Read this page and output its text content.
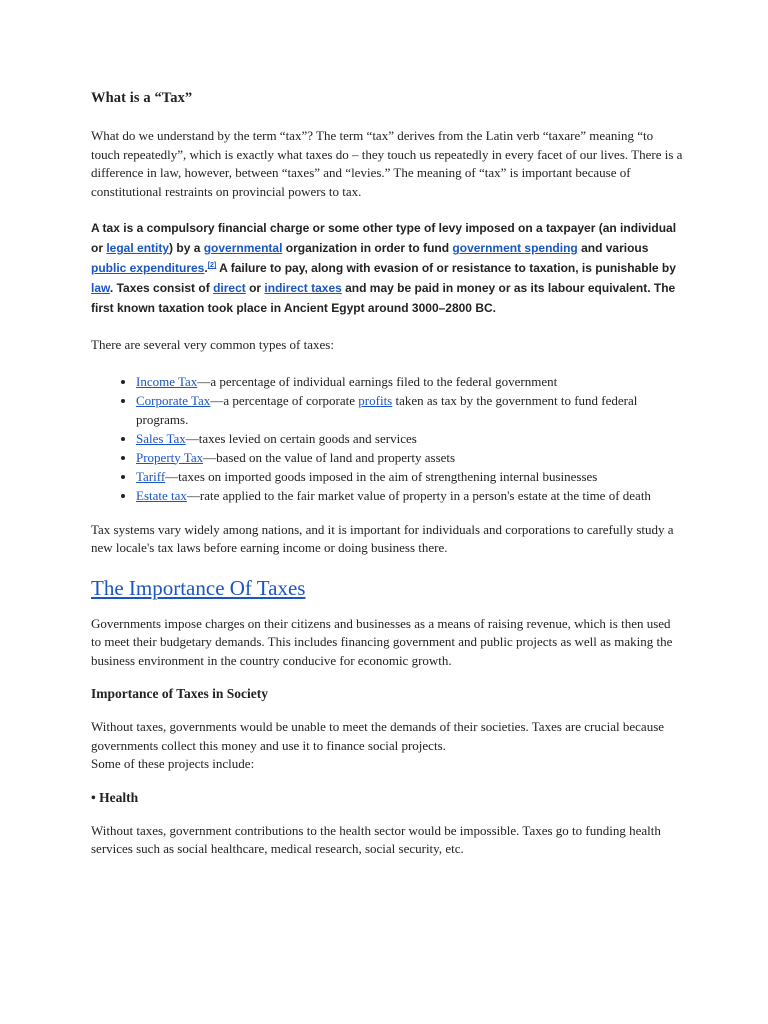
What is a “Tax”

What do we understand by the term “tax”? The term “tax” derives from the Latin verb “taxare” meaning “to touch repeatedly”, which is exactly what taxes do – they touch us repeatedly in every facet of our lives. There is a difference in law, however, between “taxes” and “levies.” The meaning of “tax” is important because of constitutional restraints on provincial powers to tax.

A tax is a compulsory financial charge or some other type of levy imposed on a taxpayer (an individual or legal entity) by a governmental organization in order to fund government spending and various public expenditures.[2] A failure to pay, along with evasion of or resistance to taxation, is punishable by law. Taxes consist of direct or indirect taxes and may be paid in money or as its labour equivalent. The first known taxation took place in Ancient Egypt around 3000–2800 BC.

There are several very common types of taxes:

• Income Tax—a percentage of individual earnings filed to the federal government
• Corporate Tax—a percentage of corporate profits taken as tax by the government to fund federal programs.
• Sales Tax—taxes levied on certain goods and services
• Property Tax—based on the value of land and property assets
• Tariff—taxes on imported goods imposed in the aim of strengthening internal businesses
• Estate tax—rate applied to the fair market value of property in a person's estate at the time of death

Tax systems vary widely among nations, and it is important for individuals and corporations to carefully study a new locale's tax laws before earning income or doing business there.

The Importance Of Taxes

Governments impose charges on their citizens and businesses as a means of raising revenue, which is then used to meet their budgetary demands. This includes financing government and public projects as well as making the business environment in the country conducive for economic growth.

Importance of Taxes in Society

Without taxes, governments would be unable to meet the demands of their societies. Taxes are crucial because governments collect this money and use it to finance social projects.
Some of these projects include:

• Health

Without taxes, government contributions to the health sector would be impossible. Taxes go to funding health services such as social healthcare, medical research, social security, etc.
